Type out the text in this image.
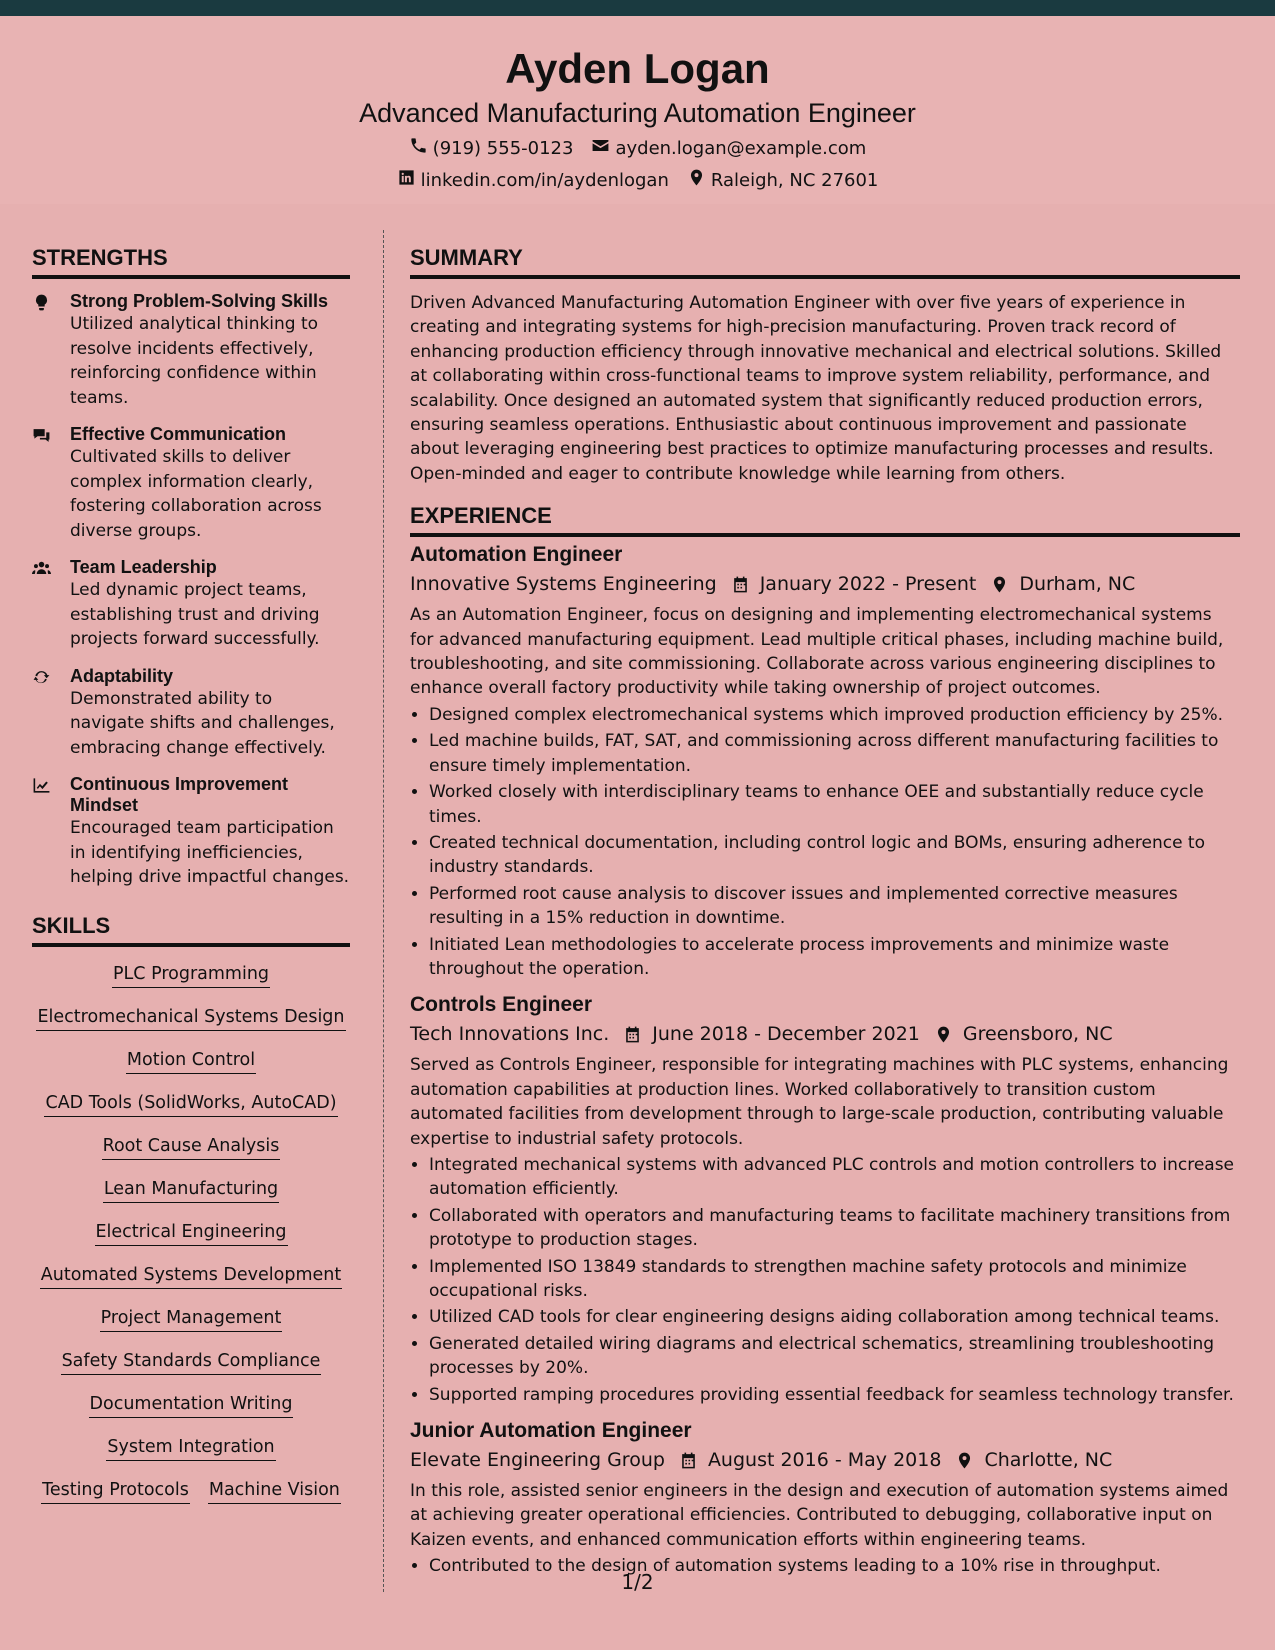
Ayden Logan
Advanced Manufacturing Automation Engineer
(919) 555-0123 ayden.logan@example.com
linkedin.com/in/aydenlogan Raleigh, NC 27601
STRENGTHS
Strong Problem-Solving Skills
Utilized analytical thinking to resolve incidents effectively, reinforcing confidence within teams.
Effective Communication
Cultivated skills to deliver complex information clearly, fostering collaboration across diverse groups.
Team Leadership
Led dynamic project teams, establishing trust and driving projects forward successfully.
Adaptability
Demonstrated ability to navigate shifts and challenges, embracing change effectively.
Continuous Improvement Mindset
Encouraged team participation in identifying inefficiencies, helping drive impactful changes.
SKILLS
PLC Programming
Electromechanical Systems Design
Motion Control
CAD Tools (SolidWorks, AutoCAD)
Root Cause Analysis
Lean Manufacturing
Electrical Engineering
Automated Systems Development
Project Management
Safety Standards Compliance
Documentation Writing
System Integration
Testing Protocols Machine Vision
SUMMARY
Driven Advanced Manufacturing Automation Engineer with over five years of experience in creating and integrating systems for high-precision manufacturing. Proven track record of enhancing production efficiency through innovative mechanical and electrical solutions. Skilled at collaborating within cross-functional teams to improve system reliability, performance, and scalability. Once designed an automated system that significantly reduced production errors, ensuring seamless operations. Enthusiastic about continuous improvement and passionate about leveraging engineering best practices to optimize manufacturing processes and results. Open-minded and eager to contribute knowledge while learning from others.
EXPERIENCE
Automation Engineer
Innovative Systems Engineering January 2022 - Present Durham, NC
As an Automation Engineer, focus on designing and implementing electromechanical systems for advanced manufacturing equipment. Lead multiple critical phases, including machine build, troubleshooting, and site commissioning. Collaborate across various engineering disciplines to enhance overall factory productivity while taking ownership of project outcomes.
• Designed complex electromechanical systems which improved production efficiency by 25%.
• Led machine builds, FAT, SAT, and commissioning across different manufacturing facilities to ensure timely implementation.
• Worked closely with interdisciplinary teams to enhance OEE and substantially reduce cycle times.
• Created technical documentation, including control logic and BOMs, ensuring adherence to industry standards.
• Performed root cause analysis to discover issues and implemented corrective measures resulting in a 15% reduction in downtime.
• Initiated Lean methodologies to accelerate process improvements and minimize waste throughout the operation.
Controls Engineer
Tech Innovations Inc. June 2018 - December 2021 Greensboro, NC
Served as Controls Engineer, responsible for integrating machines with PLC systems, enhancing automation capabilities at production lines. Worked collaboratively to transition custom automated facilities from development through to large-scale production, contributing valuable expertise to industrial safety protocols.
• Integrated mechanical systems with advanced PLC controls and motion controllers to increase automation efficiently.
• Collaborated with operators and manufacturing teams to facilitate machinery transitions from prototype to production stages.
• Implemented ISO 13849 standards to strengthen machine safety protocols and minimize occupational risks.
• Utilized CAD tools for clear engineering designs aiding collaboration among technical teams.
• Generated detailed wiring diagrams and electrical schematics, streamlining troubleshooting processes by 20%.
• Supported ramping procedures providing essential feedback for seamless technology transfer.
Junior Automation Engineer
Elevate Engineering Group August 2016 - May 2018 Charlotte, NC
In this role, assisted senior engineers in the design and execution of automation systems aimed at achieving greater operational efficiencies. Contributed to debugging, collaborative input on Kaizen events, and enhanced communication efforts within engineering teams.
• Contributed to the design of automation systems leading to a 10% rise in throughput.
1/2
